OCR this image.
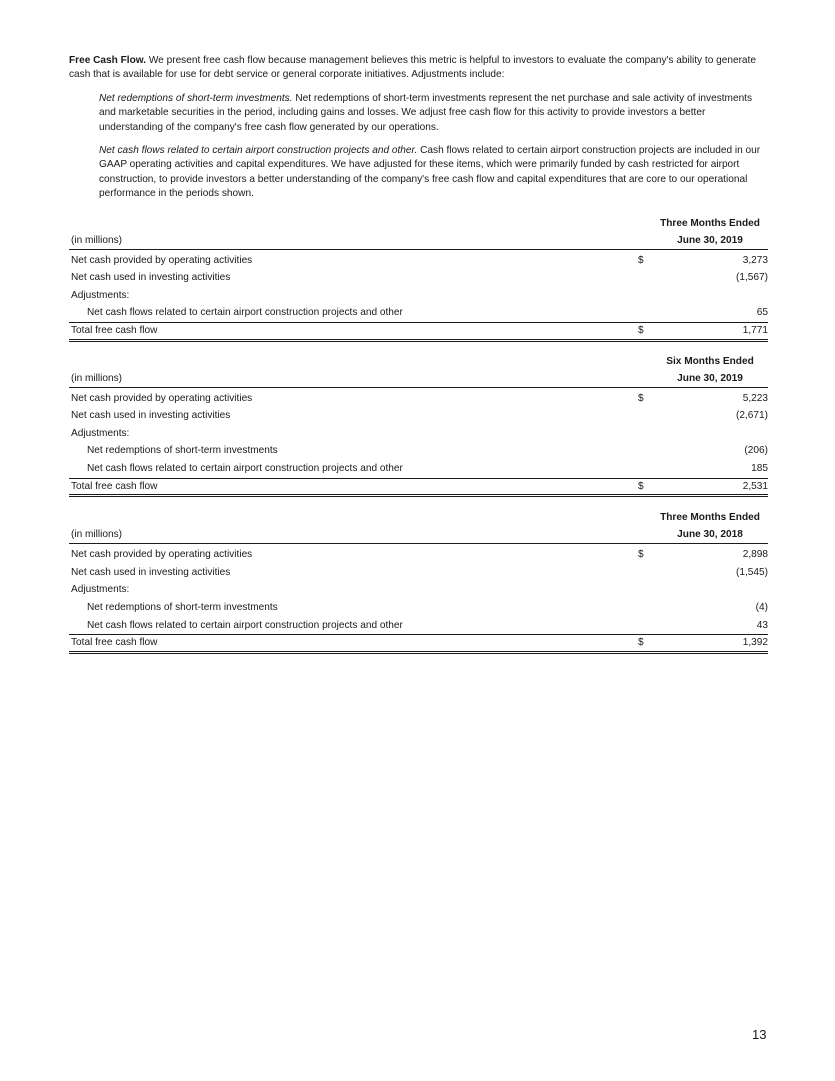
Free Cash Flow. We present free cash flow because management believes this metric is helpful to investors to evaluate the company's ability to generate cash that is available for use for debt service or general corporate initiatives. Adjustments include:

Net redemptions of short-term investments. Net redemptions of short-term investments represent the net purchase and sale activity of investments and marketable securities in the period, including gains and losses. We adjust free cash flow for this activity to provide investors a better understanding of the company's free cash flow generated by our operations.

Net cash flows related to certain airport construction projects and other. Cash flows related to certain airport construction projects are included in our GAAP operating activities and capital expenditures. We have adjusted for these items, which were primarily funded by cash restricted for airport construction, to provide investors a better understanding of the company's free cash flow and capital expenditures that are core to our operational performance in the periods shown.

Three Months Ended
June 30, 2019
(in millions)
Net cash provided by operating activities	$	3,273
Net cash used in investing activities	(1,567)
Adjustments:
Net cash flows related to certain airport construction projects and other	65
Total free cash flow	$	1,771
Six Months Ended
June 30, 2019
(in millions)
Net cash provided by operating activities	$	5,223
Net cash used in investing activities	(2,671)
Adjustments:
Net redemptions of short-term investments	(206)
Net cash flows related to certain airport construction projects and other	185
Total free cash flow	$	2,531
Three Months Ended
June 30, 2018
(in millions)
Net cash provided by operating activities	$	2,898
Net cash used in investing activities	(1,545)
Adjustments:
Net redemptions of short-term investments	(4)
Net cash flows related to certain airport construction projects and other	43
Total free cash flow	$	1,392
13
